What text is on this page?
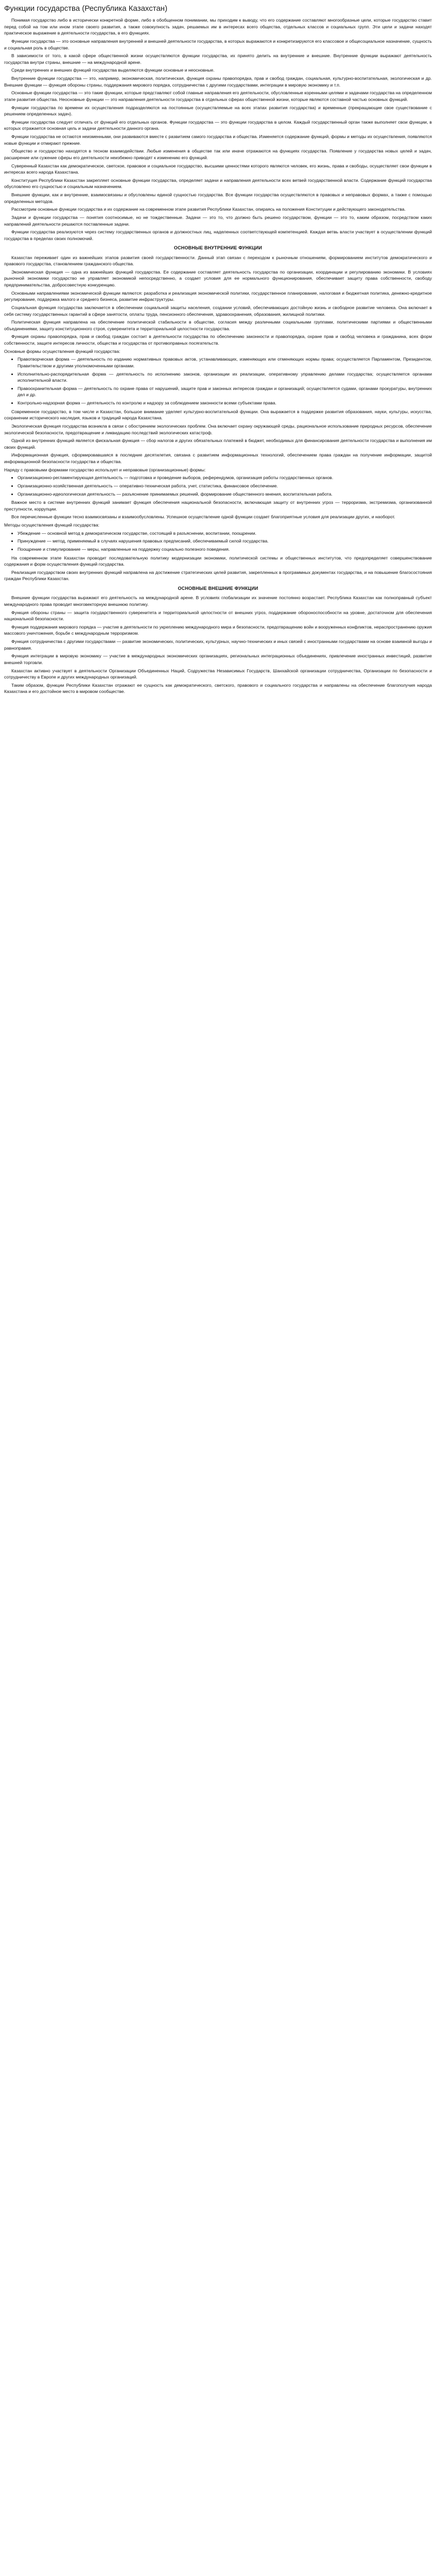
Функции государства (Республика Казахстан)

Понимая государство либо в исторически конкретной форме, либо в обобщенном понимании, мы приходим к выводу, что его содержание составляют многообразные цели, которые государство ставит перед собой на том или ином этапе своего развития, а также совокупность задач, решаемых им в интересах всего общества, отдельных классов и социальных групп. Эти цели и задачи находят практическое выражение в деятельности государства, в его функциях.

Функции государства — это основные направления внутренней и внешней деятельности государства, в которых выражаются и конкретизируются его классовое и общесоциальное назначение, сущность и социальная роль в обществе.

В зависимости от того, в какой сфере общественной жизни осуществляются функции государства, их принято делить на внутренние и внешние. Внутренние функции выражают деятельность государства внутри страны, внешние — на международной арене.

Среди внутренних и внешних функций государства выделяются функции основные и неосновные.

Внутренние функции государства — это, например, экономическая, политическая, функция охраны правопорядка, прав и свобод граждан, социальная, культурно-воспитательная, экологическая и др. Внешние функции — функция обороны страны, поддержания мирового порядка, сотрудничества с другими государствами, интеграции в мировую экономику и т.п.

Основные функции государства — это такие функции, которые представляют собой главные направления его деятельности, обусловленные коренными целями и задачами государства на определенном этапе развития общества. Неосновные функции — это направления деятельности государства в отдельных сферах общественной жизни, которые являются составной частью основных функций.

Функции государства по времени их осуществления подразделяются на постоянные (осуществляемые на всех этапах развития государства) и временные (прекращающие свое существование с решением определенных задач).

Функции государства следует отличать от функций его отдельных органов. Функции государства — это функции государства в целом. Каждый государственный орган также выполняет свои функции, в которых отражается основная цель и задачи деятельности данного органа.

Функции государства не остаются неизменными, они развиваются вместе с развитием самого государства и общества. Изменяется содержание функций, формы и методы их осуществления, появляются новые функции и отмирают прежние.

Общество и государство находятся в тесном взаимодействии. Любые изменения в обществе так или иначе отражаются на функциях государства. Появление у государства новых целей и задач, расширение или сужение сферы его деятельности неизбежно приводят к изменению его функций.

Суверенный Казахстан как демократическое, светское, правовое и социальное государство, высшими ценностями которого являются человек, его жизнь, права и свободы, осуществляет свои функции в интересах всего народа Казахстана.

Конституция Республики Казахстан закрепляет основные функции государства, определяет задачи и направления деятельности всех ветвей государственной власти. Содержание функций государства обусловлено его сущностью и социальным назначением.

Внешние функции, как и внутренние, взаимосвязаны и обусловлены единой сущностью государства. Все функции государства осуществляются в правовых и неправовых формах, а также с помощью определенных методов.

Рассмотрим основные функции государства и их содержание на современном этапе развития Республики Казахстан, опираясь на положения Конституции и действующего законодательства.

Задачи и функции государства — понятия соотносимые, но не тождественные. Задачи — это то, что должно быть решено государством, функции — это то, каким образом, посредством каких направлений деятельности решаются поставленные задачи.

Функции государства реализуются через систему государственных органов и должностных лиц, наделенных соответствующей компетенцией. Каждая ветвь власти участвует в осуществлении функций государства в пределах своих полномочий.

ОСНОВНЫЕ ВНУТРЕННИЕ ФУНКЦИИ

Казахстан переживает один из важнейших этапов развития своей государственности. Данный этап связан с переходом к рыночным отношениям, формированием институтов демократического и правового государства, становлением гражданского общества.

Экономическая функция — одна из важнейших функций государства. Ее содержание составляет деятельность государства по организации, координации и регулированию экономики. В условиях рыночной экономики государство не управляет экономикой непосредственно, а создает условия для ее нормального функционирования, обеспечивает защиту права собственности, свободу предпринимательства, добросовестную конкуренцию.

Основными направлениями экономической функции являются: разработка и реализация экономической политики, государственное планирование, налоговая и бюджетная политика, денежно-кредитное регулирование, поддержка малого и среднего бизнеса, развитие инфраструктуры.

Социальная функция государства заключается в обеспечении социальной защиты населения, создании условий, обеспечивающих достойную жизнь и свободное развитие человека. Она включает в себя систему государственных гарантий в сфере занятости, оплаты труда, пенсионного обеспечения, здравоохранения, образования, жилищной политики.

Политическая функция направлена на обеспечение политической стабильности в обществе, согласия между различными социальными группами, политическими партиями и общественными объединениями, защиту конституционного строя, суверенитета и территориальной целостности государства.

Функция охраны правопорядка, прав и свобод граждан состоит в деятельности государства по обеспечению законности и правопорядка, охране прав и свобод человека и гражданина, всех форм собственности, защите интересов личности, общества и государства от противоправных посягательств.

Основные формы осуществления функций государства:

• Правотворческая форма — деятельность по изданию нормативных правовых актов, устанавливающих, изменяющих или отменяющих нормы права; осуществляется Парламентом, Президентом, Правительством и другими уполномоченными органами.
• Исполнительно-распорядительная форма — деятельность по исполнению законов, организации их реализации, оперативному управлению делами государства; осуществляется органами исполнительной власти.
• Правоохранительная форма — деятельность по охране права от нарушений, защите прав и законных интересов граждан и организаций; осуществляется судами, органами прокуратуры, внутренних дел и др.
• Контрольно-надзорная форма — деятельность по контролю и надзору за соблюдением законности всеми субъектами права.

Современное государство, в том числе и Казахстан, большое внимание уделяет культурно-воспитательной функции. Она выражается в поддержке развития образования, науки, культуры, искусства, сохранении исторического наследия, языков и традиций народа Казахстана.

Экологическая функция государства возникла в связи с обострением экологических проблем. Она включает охрану окружающей среды, рациональное использование природных ресурсов, обеспечение экологической безопасности, предотвращение и ликвидацию последствий экологических катастроф.

Одной из внутренних функций является фискальная функция — сбор налогов и других обязательных платежей в бюджет, необходимых для финансирования деятельности государства и выполнения им своих функций.

Информационная функция, сформировавшаяся в последние десятилетия, связана с развитием информационных технологий, обеспечением права граждан на получение информации, защитой информационной безопасности государства и общества.

Наряду с правовыми формами государство использует и неправовые (организационные) формы:

• Организационно-регламентирующая деятельность — подготовка и проведение выборов, референдумов, организация работы государственных органов.
• Организационно-хозяйственная деятельность — оперативно-техническая работа, учет, статистика, финансовое обеспечение.
• Организационно-идеологическая деятельность — разъяснение принимаемых решений, формирование общественного мнения, воспитательная работа.

Важное место в системе внутренних функций занимает функция обеспечения национальной безопасности, включающая защиту от внутренних угроз — терроризма, экстремизма, организованной преступности, коррупции.

Все перечисленные функции тесно взаимосвязаны и взаимообусловлены. Успешное осуществление одной функции создает благоприятные условия для реализации других, и наоборот.

Методы осуществления функций государства:

• Убеждение — основной метод в демократическом государстве, состоящий в разъяснении, воспитании, поощрении.
• Принуждение — метод, применяемый в случаях нарушения правовых предписаний, обеспечиваемый силой государства.
• Поощрение и стимулирование — меры, направленные на поддержку социально полезного поведения.

На современном этапе Казахстан проводит последовательную политику модернизации экономики, политической системы и общественных институтов, что предопределяет совершенствование содержания и форм осуществления функций государства.

Реализация государством своих внутренних функций направлена на достижение стратегических целей развития, закрепленных в программных документах государства, и на повышение благосостояния граждан Республики Казахстан.

ОСНОВНЫЕ ВНЕШНИЕ ФУНКЦИИ

Внешние функции государства выражают его деятельность на международной арене. В условиях глобализации их значение постоянно возрастает. Республика Казахстан как полноправный субъект международного права проводит многовекторную внешнюю политику.

Функция обороны страны — защита государственного суверенитета и территориальной целостности от внешних угроз, поддержание обороноспособности на уровне, достаточном для обеспечения национальной безопасности.

Функция поддержания мирового порядка — участие в деятельности по укреплению международного мира и безопасности, предотвращению войн и вооруженных конфликтов, нераспространению оружия массового уничтожения, борьбе с международным терроризмом.

Функция сотрудничества с другими государствами — развитие экономических, политических, культурных, научно-технических и иных связей с иностранными государствами на основе взаимной выгоды и равноправия.

Функция интеграции в мировую экономику — участие в международных экономических организациях, региональных интеграционных объединениях, привлечение иностранных инвестиций, развитие внешней торговли.

Казахстан активно участвует в деятельности Организации Объединенных Наций, Содружества Независимых Государств, Шанхайской организации сотрудничества, Организации по безопасности и сотрудничеству в Европе и других международных организаций.

Таким образом, функции Республики Казахстан отражают ее сущность как демократического, светского, правового и социального государства и направлены на обеспечение благополучия народа Казахстана и его достойное место в мировом сообществе.
